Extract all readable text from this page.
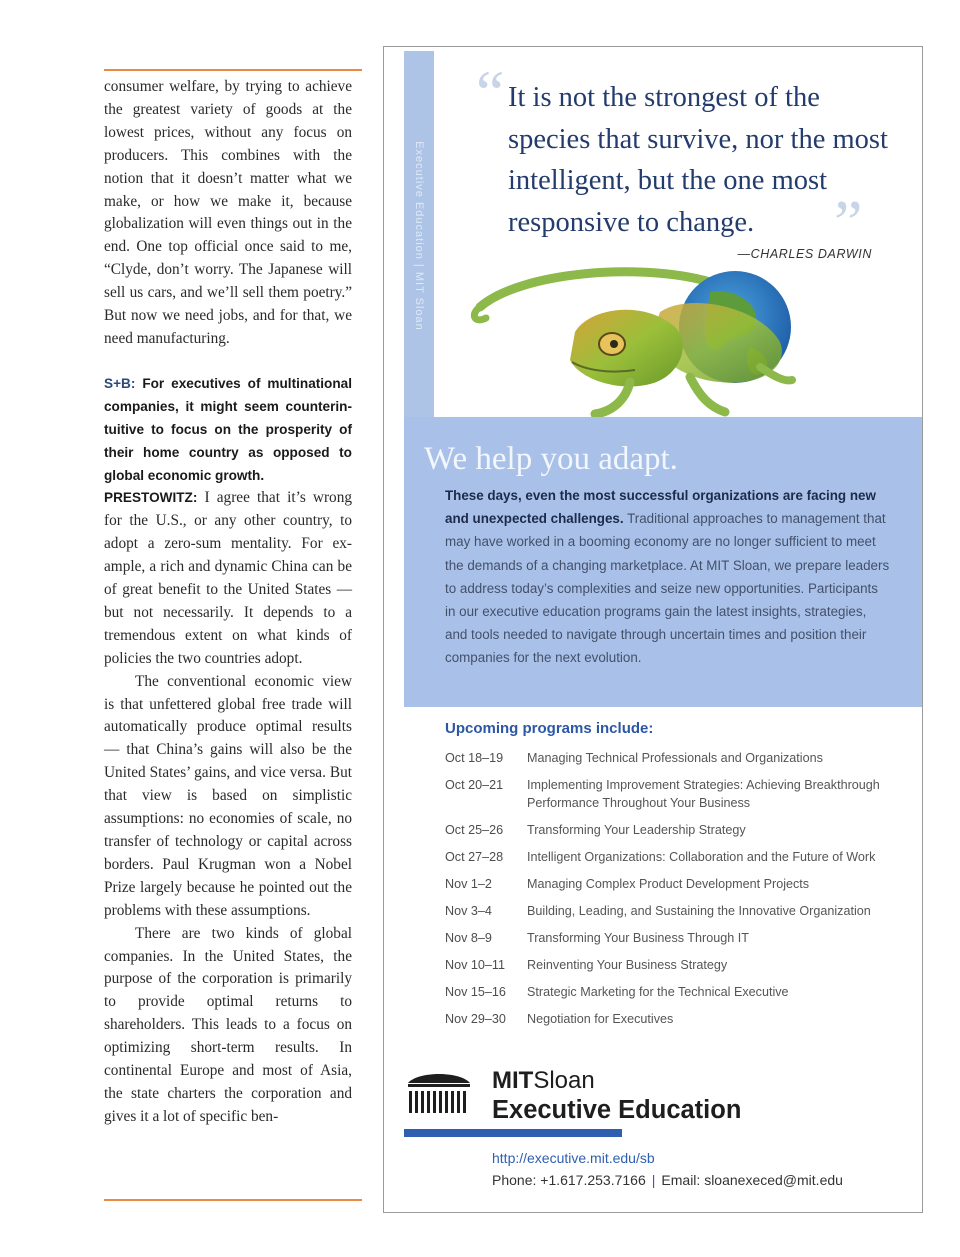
consumer welfare, by trying to achieve the greatest variety of goods at the lowest prices, without any focus on producers. This combines with the notion that it doesn’t matter what we make, or how we make it, because globalization will even things out in the end. One top official once said to me, “Clyde, don’t worry. The Japanese will sell us cars, and we’ll sell them poetry.” But now we need jobs, and for that, we need manufacturing.

S+B: For executives of multinational companies, it might seem counterintuitive to focus on the prosperity of their home country as opposed to global economic growth.

PRESTOWITZ: I agree that it’s wrong for the U.S., or any other country, to adopt a zero-sum mentality. For example, a rich and dynamic China can be of great benefit to the United States — but not necessarily. It depends to a tremendous extent on what kinds of policies the two countries adopt.

The conventional economic view is that unfettered global free trade will automatically produce optimal results — that China’s gains will also be the United States’ gains, and vice versa. But that view is based on simplistic assumptions: no economies of scale, no transfer of technology or capital across borders. Paul Krugman won a Nobel Prize largely because he pointed out the problems with these assumptions.

There are two kinds of global companies. In the United States, the purpose of the corporation is primarily to provide optimal returns to shareholders. This leads to a focus on optimizing short-term results. In continental Europe and most of Asia, the state charters the corporation and gives it a lot of specific ben-

Executive Education | MIT Sloan
“ It is not the strongest of the species that survive, nor the most intelligent, but the one most responsive to change.	”
—CHARLES DARWIN
We help you adapt.
These days, even the most successful organizations are facing new and unexpected challenges. Traditional approaches to management that may have worked in a booming economy are no longer sufficient to meet the demands of a changing marketplace. At MIT Sloan, we prepare leaders to address today’s complexities and seize new opportunities. Participants in our executive education programs gain the latest insights, strategies, and tools needed to navigate through uncertain times and position their companies for the next evolution.
Upcoming programs include:
Oct 18–19	Managing Technical Professionals and Organizations
Oct 20–21	Implementing Improvement Strategies: Achieving Breakthrough Performance Throughout Your Business
Oct 25–26	Transforming Your Leadership Strategy
Oct 27–28	Intelligent Organizations: Collaboration and the Future of Work
Nov 1–2	Managing Complex Product Development Projects
Nov 3–4	Building, Leading, and Sustaining the Innovative Organization
Nov 8–9	Transforming Your Business Through IT
Nov 10–11	Reinventing Your Business Strategy
Nov 15–16	Strategic Marketing for the Technical Executive
Nov 29–30	Negotiation for Executives
MITSloan
Executive Education
http://executive.mit.edu/sb
Phone: +1.617.253.7166 | Email: sloanexeced@mit.edu
